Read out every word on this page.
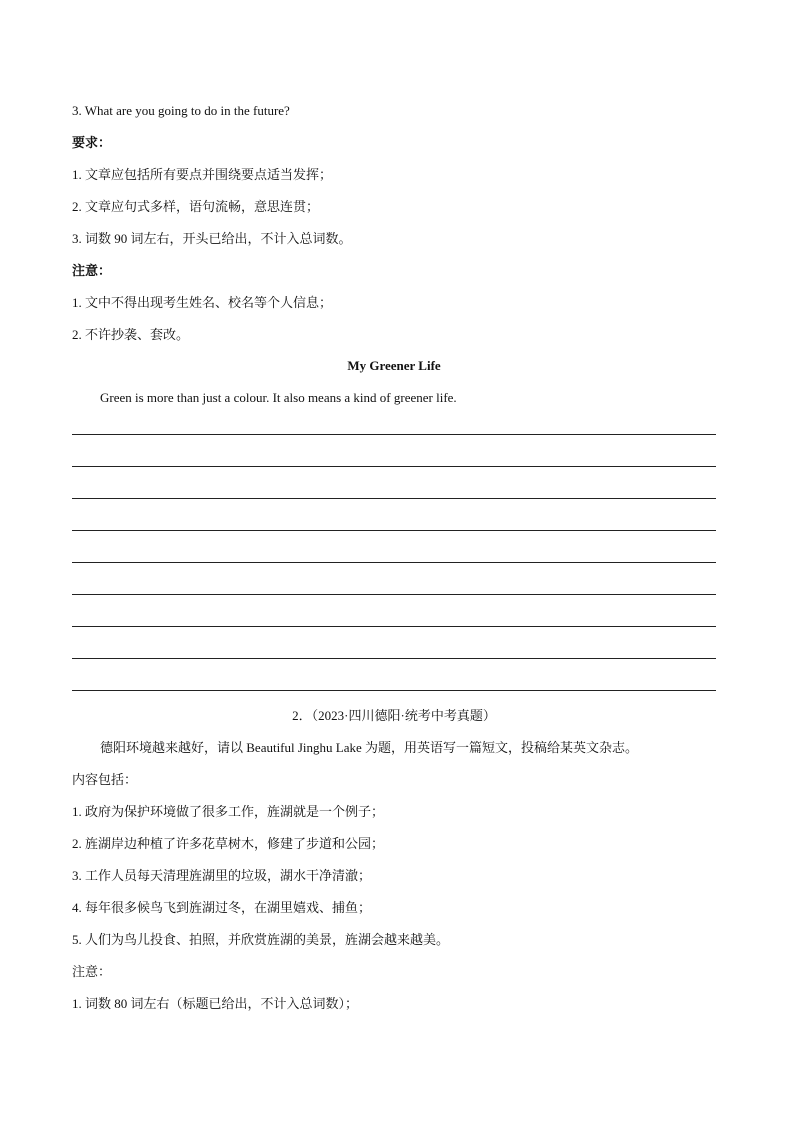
3. What are you going to do in the future?
要求：
1. 文章应包括所有要点并围绕要点适当发挥；
2. 文章应句式多样，语句流畅，意思连贯；
3. 词数 90 词左右，开头已给出，不计入总词数。
注意：
1. 文中不得出现考生姓名、校名等个人信息；
2. 不许抄袭、套改。
My Greener Life
Green is more than just a colour. It also means a kind of greener life.
2．（2023·四川德阳·统考中考真题）
德阳环境越来越好，请以 Beautiful Jinghu Lake 为题，用英语写一篇短文，投稿给某英文杂志。
内容包括：
1. 政府为保护环境做了很多工作，旌湖就是一个例子；
2. 旌湖岸边种植了许多花草树木，修建了步道和公园；
3. 工作人员每天清理旌湖里的垃圾，湖水干净清澈；
4. 每年很多候鸟飞到旌湖过冬，在湖里嬉戏、捕鱼；
5. 人们为鸟儿投食、拍照，并欣赏旌湖的美景，旌湖会越来越美。
注意：
1. 词数 80 词左右（标题已给出，不计入总词数）；
